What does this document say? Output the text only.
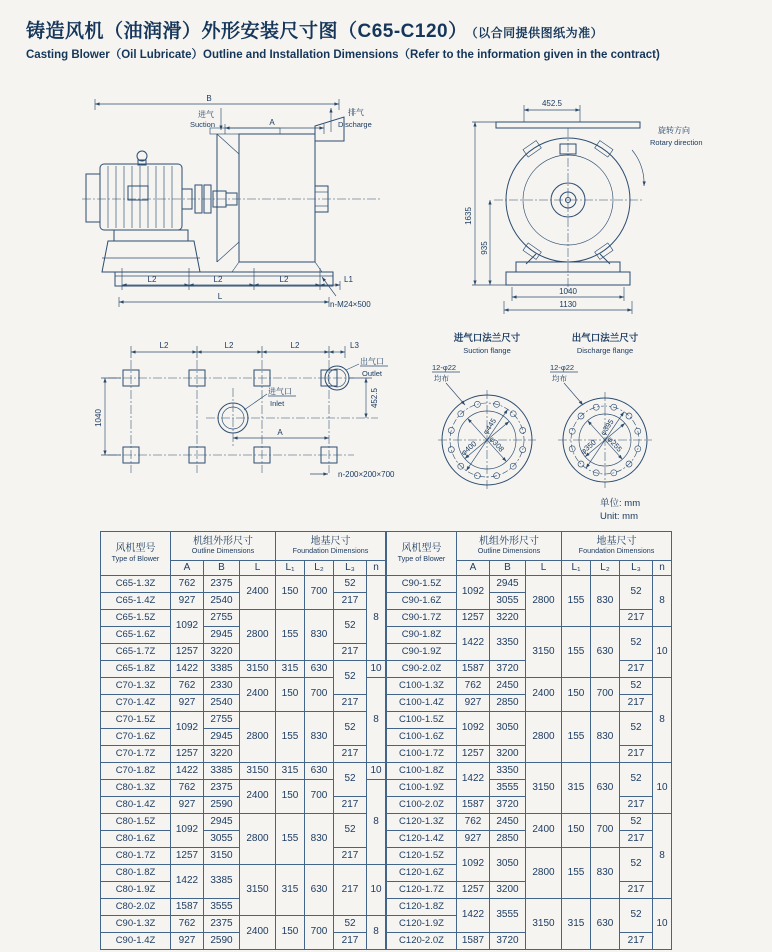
铸造风机（油润滑）外形安装尺寸图（C65-C120） （以合同提供图纸为准）
Casting Blower（Oil Lubricate）Outline and Installation Dimensions（Refer to the information given in the contract)
B
进气
Suction	A
排气
Discharge
L2	L2	L2	L1
L
n-M24×500
452.5
1635
935
1040
1130
旋转方向
Rotary direction
L2	L2	L2	L3
出气口
Outlet
进气口
Inlet
1040
452.5
A
n-200×200×700
进气口法兰尺寸
Suction flange
12-φ22
均布
φ400
φ445
φ308
出气口法兰尺寸
Discharge flange
12-φ22
均布
φ350
φ395
φ255
单位: mm
Unit: mm
风机型号
Type of Blower

机组外形尺寸
Outline Dimensions

地基尺寸
Foundation Dimensions

	A	B	L	L₁	L₂	L₃	n
C65-1.3Z	762	2375	2400	150	700	52	8
C65-1.4Z	927	2540				217	
C65-1.5Z	1092	2755	2800	155	830	52	
C65-1.6Z		2945					
C65-1.7Z	1257	3220				217	
C65-1.8Z	1422	3385	3150	315	630	52	10
C70-1.3Z	762	2330	2400	150	700		8
C70-1.4Z	927	2540				217	
C70-1.5Z	1092	2755	2800	155	830	52	
C70-1.6Z		2945					
C70-1.7Z	1257	3220				217	
C70-1.8Z	1422	3385	3150	315	630	52	10
C80-1.3Z	762	2375	2400	150	700		8
C80-1.4Z	927	2590				217	
C80-1.5Z	1092	2945	2800	155	830	52	
C80-1.6Z		3055					
C80-1.7Z	1257	3150				217	
C80-1.8Z	1422	3385	3150	315	630	217	10
C80-1.9Z							
C80-2.0Z	1587	3555					
C90-1.3Z	762	2375	2400	150	700	52	8
C90-1.4Z	927	2590				217	
风机型号
Type of Blower

机组外形尺寸
Outline Dimensions

地基尺寸
Foundation Dimensions

	A	B	L	L₁	L₂	L₃	n
C90-1.5Z	1092	2945	2800	155	830	52	8
C90-1.6Z		3055					
C90-1.7Z	1257	3220				217	
C90-1.8Z	1422	3350	3150	155	630	52	10
C90-1.9Z							
C90-2.0Z	1587	3720				217	
C100-1.3Z	762	2450	2400	150	700	52	8
C100-1.4Z	927	2850				217	
C100-1.5Z	1092	3050	2800	155	830	52	
C100-1.6Z							
C100-1.7Z	1257	3200				217	
C100-1.8Z	1422	3350	3150	315	630	52	10
C100-1.9Z		3555					
C100-2.0Z	1587	3720				217	
C120-1.3Z	762	2450	2400	150	700	52	8
C120-1.4Z	927	2850				217	
C120-1.5Z	1092	3050	2800	155	830	52	
C120-1.6Z							
C120-1.7Z	1257	3200				217	
C120-1.8Z	1422	3555	3150	315	630	52	10
C120-1.9Z							
C120-2.0Z	1587	3720				217	
